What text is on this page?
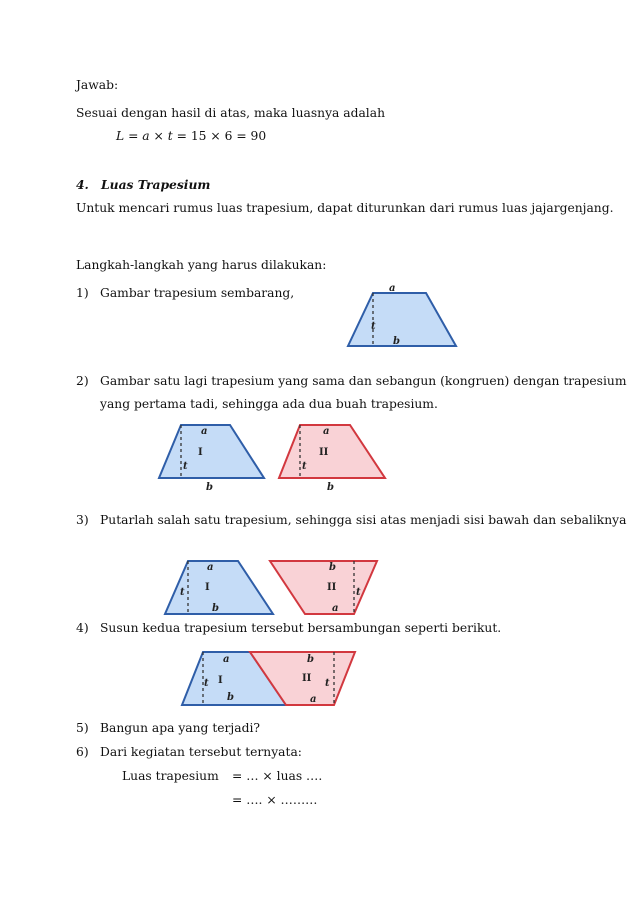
Jawab:
Sesuai dengan hasil di atas, maka luasnya adalah
L = a × t = 15 × 6 = 90
4. Luas Trapesium
Untuk mencari rumus luas trapesium, dapat diturunkan dari rumus luas jajargenjang.
Langkah-langkah yang harus dilakukan:
1) Gambar trapesium sembarang,	a
t
b
2) Gambar satu lagi trapesium yang sama dan sebangun (kongruen) dengan trapesium
yang pertama tadi, sehingga ada dua buah trapesium.
a
I
t
b
a
II
t
b
3) Putarlah salah satu trapesium, sehingga sisi atas menjadi sisi bawah dan sebaliknya
a
I
t
b
b
II t
a
4) Susun kedua trapesium tersebut bersambungan seperti berikut.
a
I
t
b
b
II t
a
5) Bangun apa yang terjadi?
6) Dari kegiatan tersebut ternyata:
Luas trapesium = … × luas ….
= …. × ………
